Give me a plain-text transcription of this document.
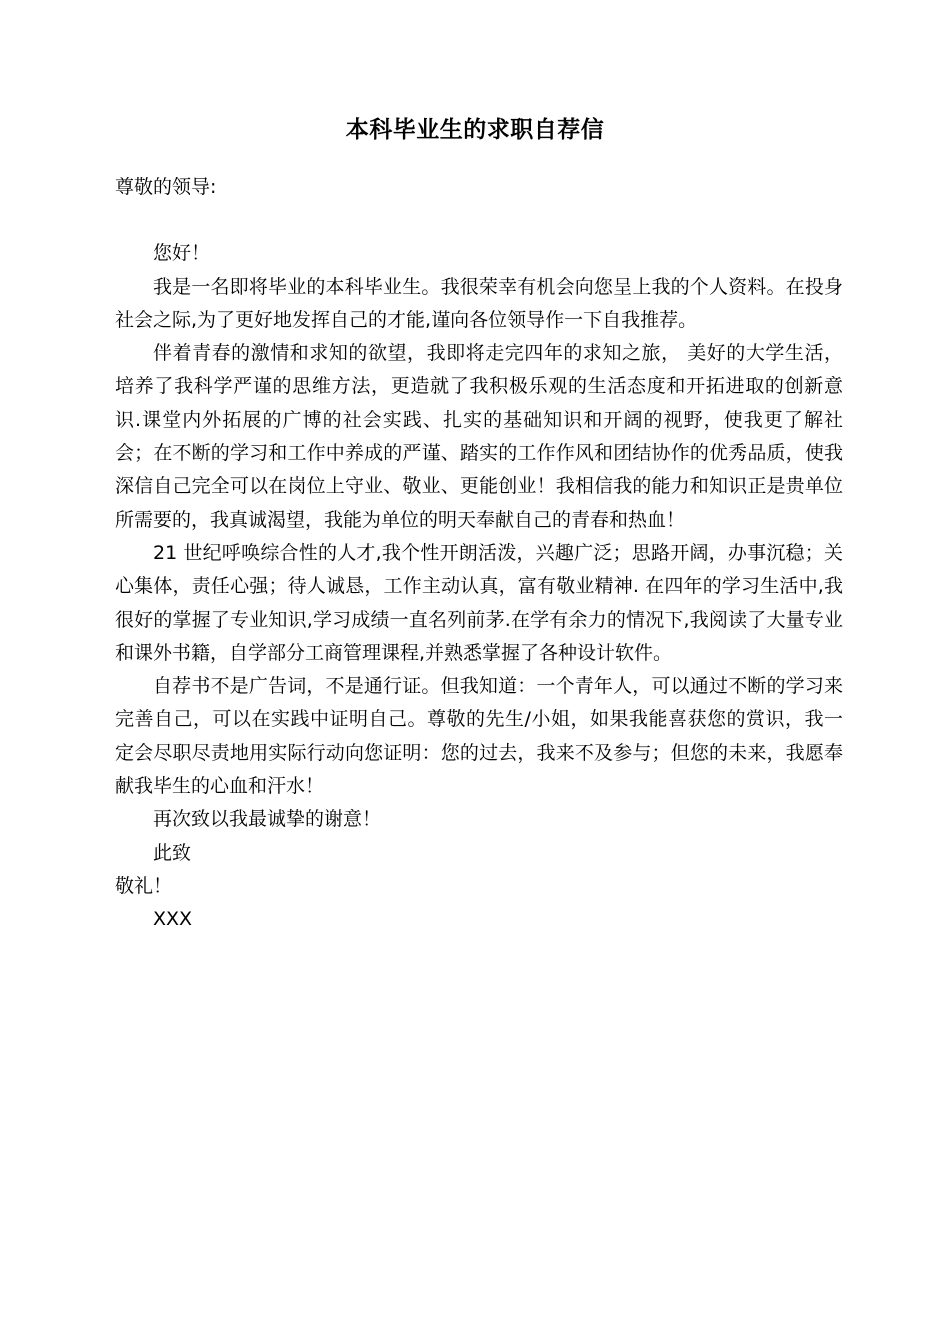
本科毕业生的求职自荐信

尊敬的领导:

您好！

我是一名即将毕业的本科毕业生。我很荣幸有机会向您呈上我的个人资料。在投身社会之际,为了更好地发挥自己的才能,谨向各位领导作一下自我推荐。

伴着青春的激情和求知的欲望，我即将走完四年的求知之旅， 美好的大学生活，培养了我科学严谨的思维方法，更造就了我积极乐观的生活态度和开拓进取的创新意识.课堂内外拓展的广博的社会实践、扎实的基础知识和开阔的视野，使我更了解社会；在不断的学习和工作中养成的严谨、踏实的工作作风和团结协作的优秀品质，使我深信自己完全可以在岗位上守业、敬业、更能创业！我相信我的能力和知识正是贵单位所需要的，我真诚渴望，我能为单位的明天奉献自己的青春和热血！

21 世纪呼唤综合性的人才,我个性开朗活泼，兴趣广泛；思路开阔，办事沉稳；关心集体，责任心强；待人诚恳，工作主动认真，富有敬业精神. 在四年的学习生活中,我很好的掌握了专业知识,学习成绩一直名列前茅.在学有余力的情况下,我阅读了大量专业和课外书籍，自学部分工商管理课程,并熟悉掌握了各种设计软件。

自荐书不是广告词，不是通行证。但我知道：一个青年人，可以通过不断的学习来完善自己，可以在实践中证明自己。尊敬的先生/小姐，如果我能喜获您的赏识，我一定会尽职尽责地用实际行动向您证明：您的过去，我来不及参与；但您的未来，我愿奉献我毕生的心血和汗水！

再次致以我最诚挚的谢意！

此致

敬礼！

XXX
